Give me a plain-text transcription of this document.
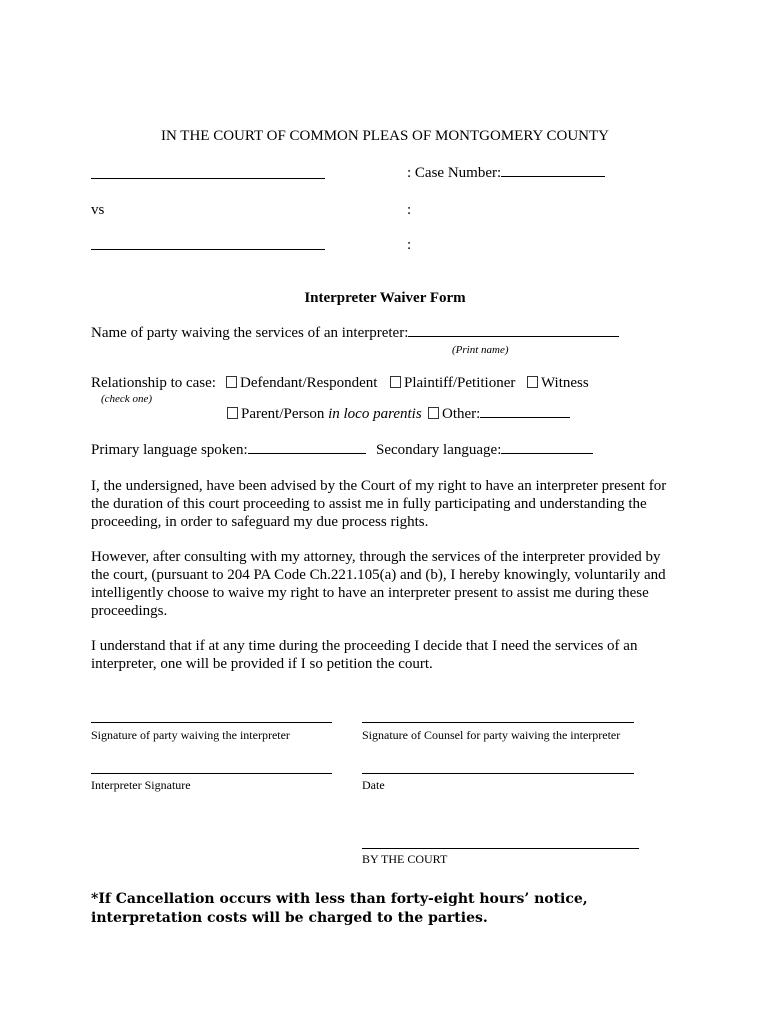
IN THE COURT OF COMMON PLEAS OF MONTGOMERY COUNTY
: Case Number:
vs	:
:
Interpreter Waiver Form
Name of party waiving the services of an interpreter:
(Print name)
Relationship to case:
(check one)
Defendant/Respondent	Plaintiff/Petitioner	Witness
Parent/Person in loco parentis	Other:
Primary language spoken:	Secondary language:
I, the undersigned, have been advised by the Court of my right to have an interpreter present for the duration of this court proceeding to assist me in fully participating and understanding the proceeding, in order to safeguard my due process rights.
However, after consulting with my attorney, through the services of the interpreter provided by the court, (pursuant to 204 PA Code Ch.221.105(a) and (b), I hereby knowingly, voluntarily and intelligently choose to waive my right to have an interpreter present to assist me during these proceedings.
I understand that if at any time during the proceeding I decide that I need the services of an interpreter, one will be provided if I so petition the court.
Signature of party waiving the interpreter	Signature of Counsel for party waiving the interpreter
Interpreter Signature	Date
BY THE COURT
*If Cancellation occurs with less than forty-eight hours’ notice, interpretation costs will be charged to the parties.
